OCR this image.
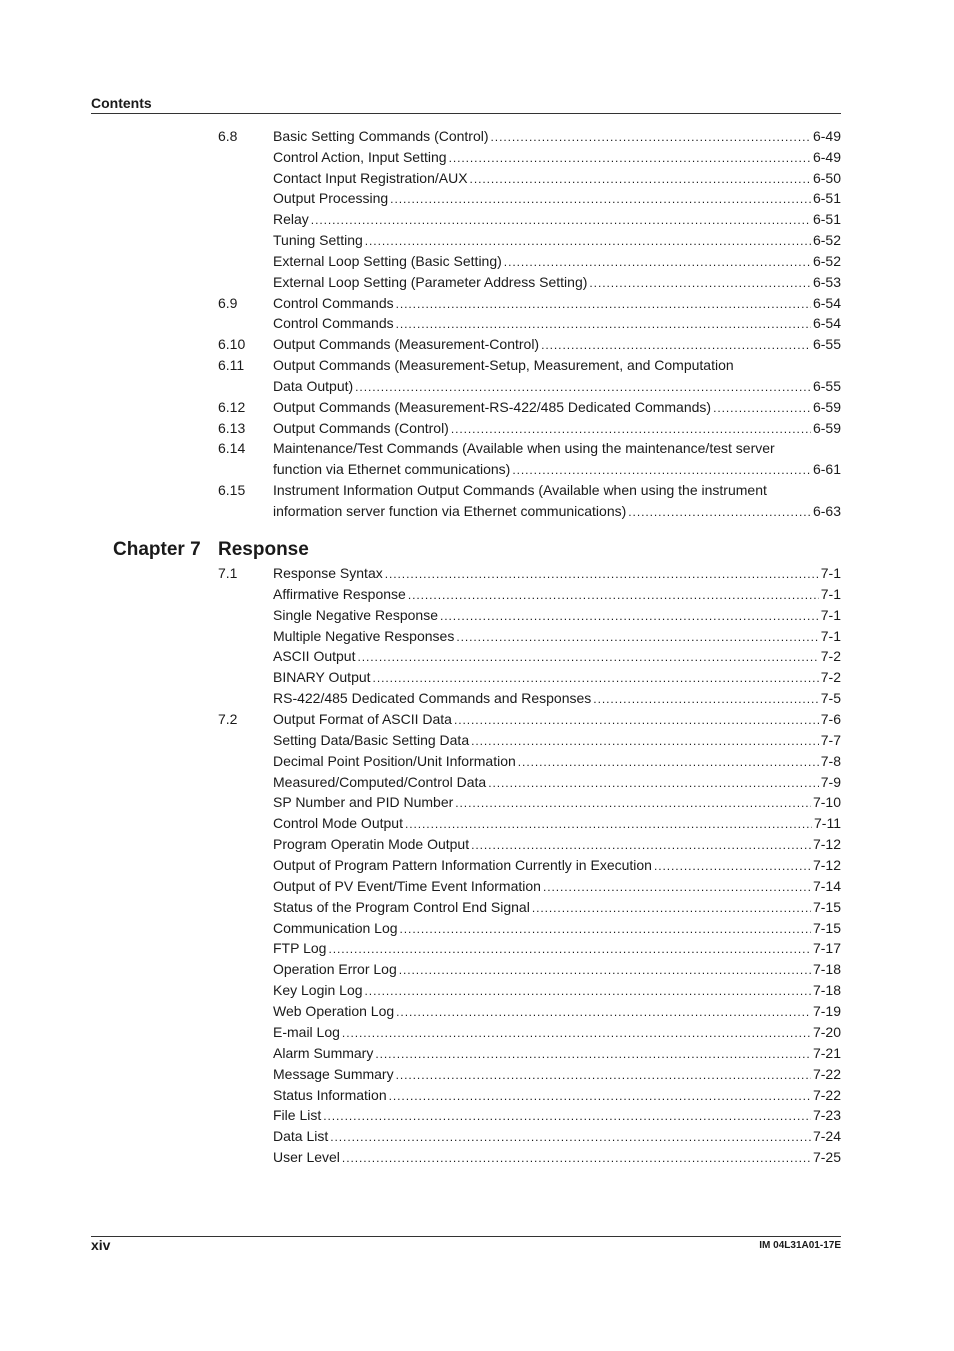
Contents
6.8	Basic Setting Commands (Control) . . .	6-49
Control Action, Input Setting . . .	6-49
Contact Input Registration/AUX . . .	6-50
Output Processing . . .	6-51
Relay . . .	6-51
Tuning Setting . . .	6-52
External Loop Setting (Basic Setting) . . .	6-52
External Loop Setting (Parameter Address Setting) . . .	6-53
6.9	Control Commands . . .	6-54
Control Commands . . .	6-54
6.10 Output Commands (Measurement-Control) . . .	6-55
6.11 Output Commands (Measurement-Setup, Measurement, and Computation
Data Output) . . .	6-55
6.12 Output Commands (Measurement-RS-422/485 Dedicated Commands) . . .	6-59
6.13 Output Commands (Control) . . .	6-59
6.14 Maintenance/Test Commands (Available when using the maintenance/test server
function via Ethernet communications) . . .	6-61
6.15 Instrument Information Output Commands (Available when using the instrument
information server function via Ethernet communications) . . .	6-63
Chapter 7 Response
7.1	Response Syntax . . .	7-1
Affirmative Response . . .	7-1
Single Negative Response . . .	7-1
Multiple Negative Responses . . .	7-1
ASCII Output . . .	7-2
BINARY Output . . .	7-2
RS-422/485 Dedicated Commands and Responses . . .	7-5
7.2	Output Format of ASCII Data . . .	7-6
Setting Data/Basic Setting Data . . .	7-7
Decimal Point Position/Unit Information . . .	7-8
Measured/Computed/Control Data . . .	7-9
SP Number and PID Number . . .	7-10
Control Mode Output . . .	7-11
Program Operatin Mode Output . . .	7-12
Output of Program Pattern Information Currently in Execution . . .	7-12
Output of PV Event/Time Event Information . . .	7-14
Status of the Program Control End Signal . . .	7-15
Communication Log . . .	7-15
FTP Log . . .	7-17
Operation Error Log . . .	7-18
Key Login Log . . .	7-18
Web Operation Log . . .	7-19
E-mail Log . . .	7-20
Alarm Summary . . .	7-21
Message Summary . . .	7-22
Status Information . . .	7-22
File List . . .	7-23
Data List . . .	7-24
User Level . . .	7-25
xiv	IM 04L31A01-17E
